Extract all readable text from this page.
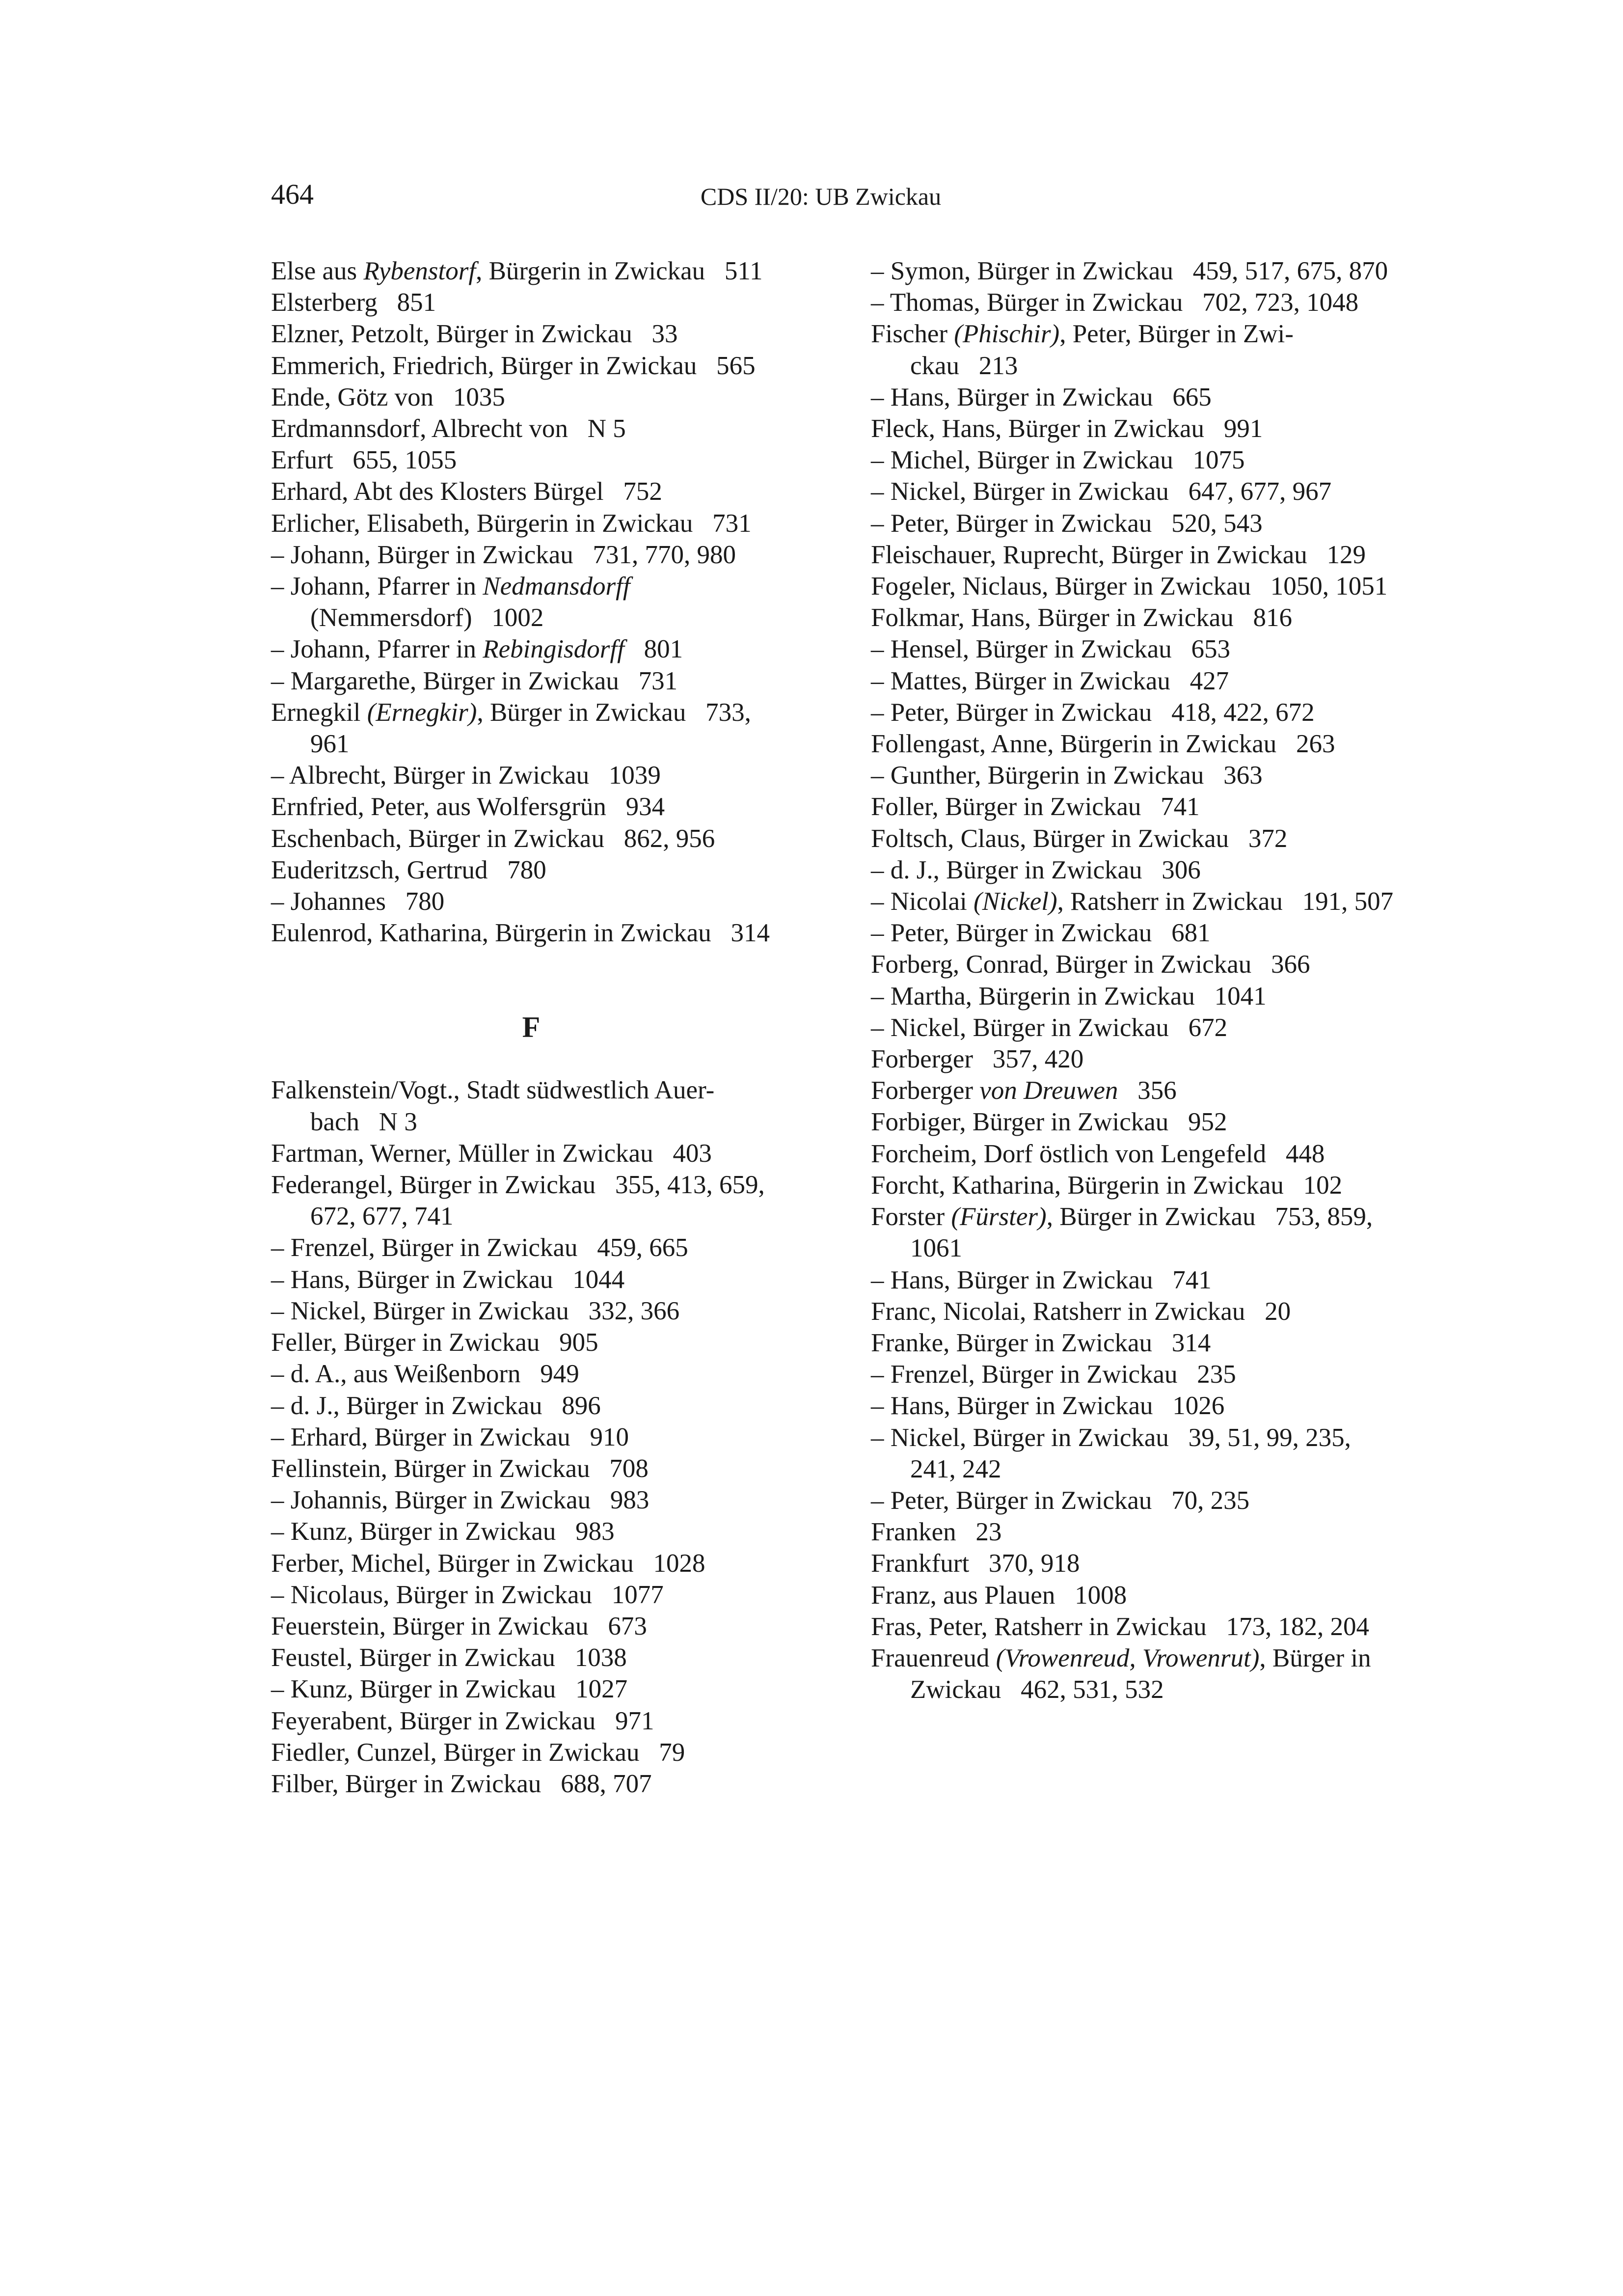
464	CDS II/20: UB Zwickau
Else aus Rybenstorf, Bürgerin in Zwickau   511
Elsterberg   851
Elzner, Petzolt, Bürger in Zwickau   33
Emmerich, Friedrich, Bürger in Zwickau   565
Ende, Götz von   1035
Erdmannsdorf, Albrecht von   N 5
Erfurt   655, 1055
Erhard, Abt des Klosters Bürgel   752
Erlicher, Elisabeth, Bürgerin in Zwickau   731
– Johann, Bürger in Zwickau   731, 770, 980
– Johann, Pfarrer in Nedmansdorff (Nemmersdorf)   1002
– Johann, Pfarrer in Rebingisdorff   801
– Margarethe, Bürger in Zwickau   731
Ernegkil (Ernegkir), Bürger in Zwickau   733, 961
– Albrecht, Bürger in Zwickau   1039
Ernfried, Peter, aus Wolfersgrün   934
Eschenbach, Bürger in Zwickau   862, 956
Euderitzsch, Gertrud   780
– Johannes   780
Eulenrod, Katharina, Bürgerin in Zwickau   314
F
Falkenstein/Vogt., Stadt südwestlich Auer-bach   N 3
Fartman, Werner, Müller in Zwickau   403
Federangel, Bürger in Zwickau   355, 413, 659, 672, 677, 741
– Frenzel, Bürger in Zwickau   459, 665
– Hans, Bürger in Zwickau   1044
– Nickel, Bürger in Zwickau   332, 366
Feller, Bürger in Zwickau   905
– d. A., aus Weißenborn   949
– d. J., Bürger in Zwickau   896
– Erhard, Bürger in Zwickau   910
Fellinstein, Bürger in Zwickau   708
– Johannis, Bürger in Zwickau   983
– Kunz, Bürger in Zwickau   983
Ferber, Michel, Bürger in Zwickau   1028
– Nicolaus, Bürger in Zwickau   1077
Feuerstein, Bürger in Zwickau   673
Feustel, Bürger in Zwickau   1038
– Kunz, Bürger in Zwickau   1027
Feyerabent, Bürger in Zwickau   971
Fiedler, Cunzel, Bürger in Zwickau   79
Filber, Bürger in Zwickau   688, 707
– Symon, Bürger in Zwickau   459, 517, 675, 870
– Thomas, Bürger in Zwickau   702, 723, 1048
Fischer (Phischir), Peter, Bürger in Zwi-ckau   213
– Hans, Bürger in Zwickau   665
Fleck, Hans, Bürger in Zwickau   991
– Michel, Bürger in Zwickau   1075
– Nickel, Bürger in Zwickau   647, 677, 967
– Peter, Bürger in Zwickau   520, 543
Fleischauer, Ruprecht, Bürger in Zwickau   129
Fogeler, Niclaus, Bürger in Zwickau   1050, 1051
Folkmar, Hans, Bürger in Zwickau   816
– Hensel, Bürger in Zwickau   653
– Mattes, Bürger in Zwickau   427
– Peter, Bürger in Zwickau   418, 422, 672
Follengast, Anne, Bürgerin in Zwickau   263
– Gunther, Bürgerin in Zwickau   363
Foller, Bürger in Zwickau   741
Foltsch, Claus, Bürger in Zwickau   372
– d. J., Bürger in Zwickau   306
– Nicolai (Nickel), Ratsherr in Zwickau   191, 507
– Peter, Bürger in Zwickau   681
Forberg, Conrad, Bürger in Zwickau   366
– Martha, Bürgerin in Zwickau   1041
– Nickel, Bürger in Zwickau   672
Forberger   357, 420
Forberger von Dreuwen   356
Forbiger, Bürger in Zwickau   952
Forcheim, Dorf östlich von Lengefeld   448
Forcht, Katharina, Bürgerin in Zwickau   102
Forster (Fürster), Bürger in Zwickau   753, 859, 1061
– Hans, Bürger in Zwickau   741
Franc, Nicolai, Ratsherr in Zwickau   20
Franke, Bürger in Zwickau   314
– Frenzel, Bürger in Zwickau   235
– Hans, Bürger in Zwickau   1026
– Nickel, Bürger in Zwickau   39, 51, 99, 235, 241, 242
– Peter, Bürger in Zwickau   70, 235
Franken   23
Frankfurt   370, 918
Franz, aus Plauen   1008
Fras, Peter, Ratsherr in Zwickau   173, 182, 204
Frauenreud (Vrowenreud, Vrowenrut), Bürger in Zwickau   462, 531, 532
